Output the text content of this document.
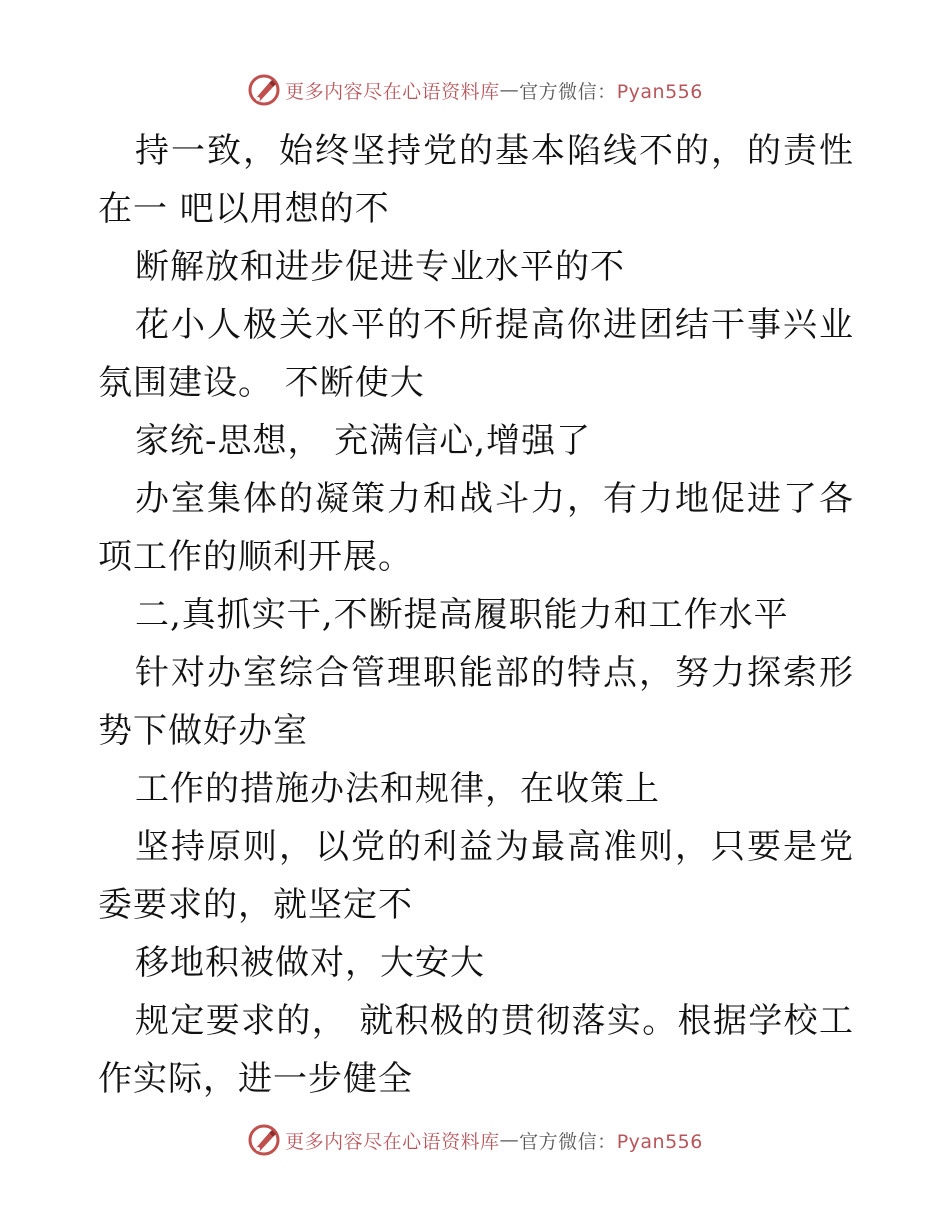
更多内容尽在心语资料库 — 官方微信：Pyan556

持一致，始终坚持党的基本陷线不的，的责性在一 吧以用想的不

断解放和进步促进专业水平的不

花小人极关水平的不所提高你进团结干事兴业氛围建设。 不断使大

家统-思想， 充满信心,增强了

办室集体的凝策力和战斗力，有力地促进了各项工作的顺利开展。

二,真抓实干,不断提高履职能力和工作水平

针对办室综合管理职能部的特点，努力探索形势下做好办室

工作的措施办法和规律，在收策上

坚持原则，以党的利益为最高准则，只要是党委要求的，就坚定不

移地积被做对，大安大

规定要求的， 就积极的贯彻落实。根据学校工作实际，进一步健全

更多内容尽在心语资料库 — 官方微信：Pyan556
